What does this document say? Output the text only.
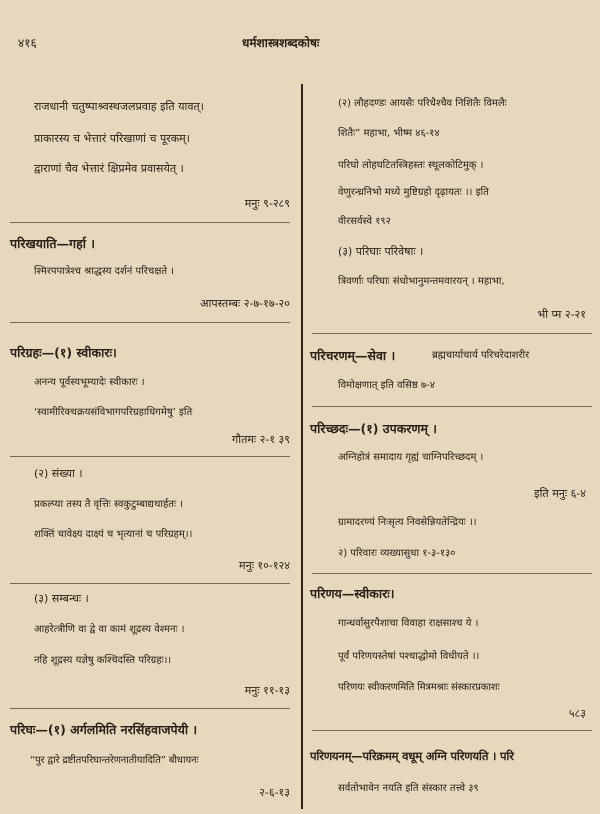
४१६	धर्मशास्त्रशब्दकोषः
राजधानी चतुष्पाश्र्वस्थजलप्रवाह इति यावत्।
प्राकारस्य च भेत्तारं परिखाणां च पूरकम्।
द्वाराणां चैव भेत्तारं क्षिप्रमेव प्रवासयेत् ।
मनुः ९-२८९
परिखयाति—गर्हा ।
श्मिरपपात्रेश्च श्राद्धस्य दर्शनं परिचक्षते ।
आपस्तम्बः २-७-१७-२०
परिग्रहः—(१) स्वीकारः।
अनन्य पूर्वस्यभूम्यादेः स्वीकारः ।
‘स्वामीरिक्थक्रयसंविभागपरिग्रहाधिगमेषु’ इति
गौतमः २-१ ३९
(२) संख्या ।
प्रकल्प्या तस्य तै वृत्तिः स्वकुटुम्बाद्यथार्हतः ।
शक्तिं चावेक्ष्य दाक्ष्यं च भृत्यानां च परिग्रहम्।।
मनुः १०-१२४
(३) सम्बन्धः ।
आहरेत्त्रीणि वा द्वे वा कामं शूद्रस्य वेश्मनः ।
नहि शूद्रस्य यज्ञेषु कश्चिदस्ति परिग्रहः।।
मनुः ११-१३
परिघः—(१) अर्गलमिति नरसिंहवाजपेयी ।
“पुर द्वारे द्रष्टीतपरिघान्तरेणनातीयादिति” बौधायनः
२-६-१३
(२) लौहदण्डः आयसैः परिधैश्चैव निशितैः विमलैः
शितैः” महाभा, भीष्म ४६-१४
परिघो लोहघटितस्त्रिहस्तः स्थूलकोटिमुक् ।
वेणुरन्ध्रनिभो मध्ये मुष्टिग्रहो दृढ़ायतः ।। इति
वीरसर्वस्वे १९२
(३) परिघाः परिवेषाः ।
त्रिवर्णाः परिघाः संधोभानुमन्तमवारयन् । महाभा,
भी प्म २-२१
परिचरणम्—सेवा ।	ब्रह्मचार्याचार्य परिचरेदाशरीर
विमोक्षणात् इति वसिष्ठ ७-४
परिच्छदः—(१) उपकरणम् ।
अग्निहोत्रं समादाय गृह्यं चाग्निपरिच्छदम् ।
इति मनुः ६-४
ग्रामादरण्यं निःसृत्य निवसेन्नियतेन्द्रियः ।।
२) परिवारः व्यख्यासुधा १-३-१३०
परिणय—स्वीकारः।
गान्धर्वासुरपैशाचा विवाहा राक्षसाश्च ये ।
पूर्वं परिणयस्तेषां पश्चाद्धोमो विधीयते ।।
परिणयः स्वीकरणमिति मित्रमश्राः संस्कारप्रकाशः
५८३
परिणयनम्—परिक्रमम् वधूम् अग्नि परिणयति । परि
सर्वतोभावेन नयति इति संस्कार तत्त्वे ३९
